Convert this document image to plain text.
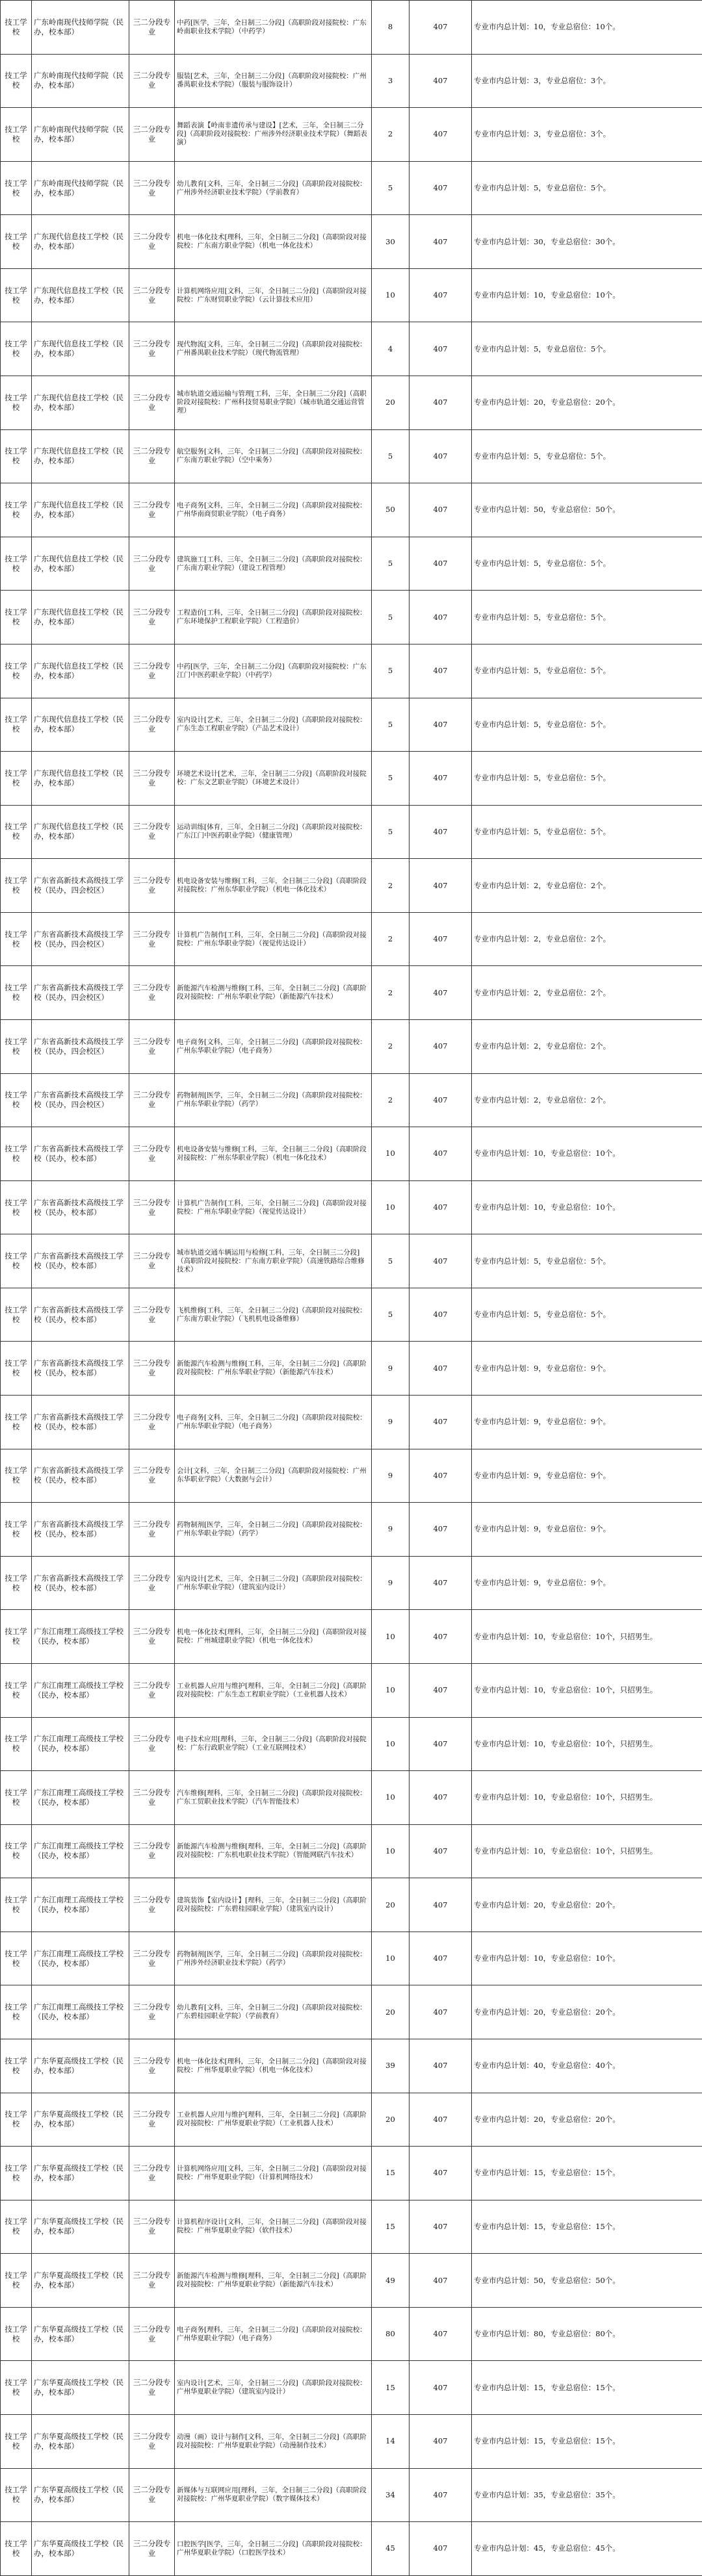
技工学校	广东岭南现代技师学院（民办，校本部）	三二分段专业	中药[医学，三年，全日制三二分段]（高职阶段对接院校：广东岭南职业技术学院）（中药学）	8	407	专业市内总计划：10，专业总宿位：10个。
技工学校	广东岭南现代技师学院（民办，校本部）	三二分段专业	服装[艺术，三年，全日制三二分段]（高职阶段对接院校：广州番禺职业技术学院）（服装与服饰设计）	3	407	专业市内总计划：3，专业总宿位：3个。
技工学校	广东岭南现代技师学院（民办，校本部）	三二分段专业	舞蹈表演【岭南非遗传承与建设】[艺术，三年，全日制三二分段]（高职阶段对接院校：广州涉外经济职业技术学院）（舞蹈表演）	2	407	专业市内总计划：3，专业总宿位：3个。
技工学校	广东岭南现代技师学院（民办，校本部）	三二分段专业	幼儿教育[文科，三年，全日制三二分段]（高职阶段对接院校：广州涉外经济职业技术学院）（学前教育）	5	407	专业市内总计划：5，专业总宿位：5个。
技工学校	广东现代信息技工学校（民办，校本部）	三二分段专业	机电一体化技术[理科，三年，全日制三二分段]（高职阶段对接院校：广东南方职业学院）（机电一体化技术）	30	407	专业市内总计划：30，专业总宿位：30个。
技工学校	广东现代信息技工学校（民办，校本部）	三二分段专业	计算机网络应用[文科，三年，全日制三二分段]（高职阶段对接院校：广东财贸职业学院）（云计算技术应用）	10	407	专业市内总计划：10，专业总宿位：10个。
技工学校	广东现代信息技工学校（民办，校本部）	三二分段专业	现代物流[文科，三年，全日制三二分段]（高职阶段对接院校：广州番禺职业技术学院）（现代物流管理）	4	407	专业市内总计划：5，专业总宿位：5个。
技工学校	广东现代信息技工学校（民办，校本部）	三二分段专业	城市轨道交通运输与管理[工科，三年，全日制三二分段]（高职阶段对接院校：广州科技贸易职业学院）（城市轨道交通运营管理）	20	407	专业市内总计划：20，专业总宿位：20个。
技工学校	广东现代信息技工学校（民办，校本部）	三二分段专业	航空服务[文科，三年，全日制三二分段]（高职阶段对接院校：广东南方职业学院）（空中乘务）	5	407	专业市内总计划：5，专业总宿位：5个。
技工学校	广东现代信息技工学校（民办，校本部）	三二分段专业	电子商务[文科，三年，全日制三二分段]（高职阶段对接院校：广州华南商贸职业学院）（电子商务）	50	407	专业市内总计划：50，专业总宿位：50个。
技工学校	广东现代信息技工学校（民办，校本部）	三二分段专业	建筑施工[工科，三年，全日制三二分段]（高职阶段对接院校：广东南方职业学院）（建设工程管理）	5	407	专业市内总计划：5，专业总宿位：5个。
技工学校	广东现代信息技工学校（民办，校本部）	三二分段专业	工程造价[工科，三年，全日制三二分段]（高职阶段对接院校：广东环境保护工程职业学院）（工程造价）	5	407	专业市内总计划：5，专业总宿位：5个。
技工学校	广东现代信息技工学校（民办，校本部）	三二分段专业	中药[医学，三年，全日制三二分段]（高职阶段对接院校：广东江门中医药职业学院）（中药学）	5	407	专业市内总计划：5，专业总宿位：5个。
技工学校	广东现代信息技工学校（民办，校本部）	三二分段专业	室内设计[艺术，三年，全日制三二分段]（高职阶段对接院校：广东生态工程职业学院）（产品艺术设计）	5	407	专业市内总计划：5，专业总宿位：5个。
技工学校	广东现代信息技工学校（民办，校本部）	三二分段专业	环境艺术设计[艺术，三年，全日制三二分段]（高职阶段对接院校：广东文艺职业学院）（环境艺术设计）	5	407	专业市内总计划：5，专业总宿位：5个。
技工学校	广东现代信息技工学校（民办，校本部）	三二分段专业	运动训练[体育，三年，全日制三二分段]（高职阶段对接院校：广东江门中医药职业学院）（健康管理）	5	407	专业市内总计划：5，专业总宿位：5个。
技工学校	广东省高新技术高级技工学校（民办，四会校区）	三二分段专业	机电设备安装与维修[工科，三年，全日制三二分段]（高职阶段对接院校：广州东华职业学院）（机电一体化技术）	2	407	专业市内总计划：2，专业总宿位：2个。
技工学校	广东省高新技术高级技工学校（民办，四会校区）	三二分段专业	计算机广告制作[工科，三年，全日制三二分段]（高职阶段对接院校：广州东华职业学院）（视觉传达设计）	2	407	专业市内总计划：2，专业总宿位：2个。
技工学校	广东省高新技术高级技工学校（民办，四会校区）	三二分段专业	新能源汽车检测与维修[工科，三年，全日制三二分段]（高职阶段对接院校：广州东华职业学院）（新能源汽车技术）	2	407	专业市内总计划：2，专业总宿位：2个。
技工学校	广东省高新技术高级技工学校（民办，四会校区）	三二分段专业	电子商务[文科，三年，全日制三二分段]（高职阶段对接院校：广州东华职业学院）（电子商务）	2	407	专业市内总计划：2，专业总宿位：2个。
技工学校	广东省高新技术高级技工学校（民办，四会校区）	三二分段专业	药物制剂[医学，三年，全日制三二分段]（高职阶段对接院校：广州东华职业学院）（药学）	2	407	专业市内总计划：2，专业总宿位：2个。
技工学校	广东省高新技术高级技工学校（民办，校本部）	三二分段专业	机电设备安装与维修[工科，三年，全日制三二分段]（高职阶段对接院校：广州东华职业学院）（机电一体化技术）	10	407	专业市内总计划：10，专业总宿位：10个。
技工学校	广东省高新技术高级技工学校（民办，校本部）	三二分段专业	计算机广告制作[工科，三年，全日制三二分段]（高职阶段对接院校：广州东华职业学院）（视觉传达设计）	10	407	专业市内总计划：10，专业总宿位：10个。
技工学校	广东省高新技术高级技工学校（民办，校本部）	三二分段专业	城市轨道交通车辆运用与检修[工科，三年，全日制三二分段]（高职阶段对接院校：广东南方职业学院）（高速铁路综合维修技术）	5	407	专业市内总计划：5，专业总宿位：5个。
技工学校	广东省高新技术高级技工学校（民办，校本部）	三二分段专业	飞机维修[工科，三年，全日制三二分段]（高职阶段对接院校：广东南方职业学院）（飞机机电设备维修）	5	407	专业市内总计划：5，专业总宿位：5个。
技工学校	广东省高新技术高级技工学校（民办，校本部）	三二分段专业	新能源汽车检测与维修[工科，三年，全日制三二分段]（高职阶段对接院校：广州东华职业学院）（新能源汽车技术）	9	407	专业市内总计划：9，专业总宿位：9个。
技工学校	广东省高新技术高级技工学校（民办，校本部）	三二分段专业	电子商务[文科，三年，全日制三二分段]（高职阶段对接院校：广州东华职业学院）（电子商务）	9	407	专业市内总计划：9，专业总宿位：9个。
技工学校	广东省高新技术高级技工学校（民办，校本部）	三二分段专业	会计[文科，三年，全日制三二分段]（高职阶段对接院校：广州东华职业学院）（大数据与会计）	9	407	专业市内总计划：9，专业总宿位：9个。
技工学校	广东省高新技术高级技工学校（民办，校本部）	三二分段专业	药物制剂[医学，三年，全日制三二分段]（高职阶段对接院校：广州东华职业学院）（药学）	9	407	专业市内总计划：9，专业总宿位：9个。
技工学校	广东省高新技术高级技工学校（民办，校本部）	三二分段专业	室内设计[艺术，三年，全日制三二分段]（高职阶段对接院校：广州东华职业学院）（建筑室内设计）	9	407	专业市内总计划：9，专业总宿位：9个。
技工学校	广东江南理工高级技工学校（民办，校本部）	三二分段专业	机电一体化技术[理科，三年，全日制三二分段]（高职阶段对接院校：广州城建职业学院）（机电一体化技术）	10	407	专业市内总计划：10，专业总宿位：10个，只招男生。
技工学校	广东江南理工高级技工学校（民办，校本部）	三二分段专业	工业机器人应用与维护[理科，三年，全日制三二分段]（高职阶段对接院校：广东生态工程职业学院）（工业机器人技术）	10	407	专业市内总计划：10，专业总宿位：10个，只招男生。
技工学校	广东江南理工高级技工学校（民办，校本部）	三二分段专业	电子技术应用[理科，三年，全日制三二分段]（高职阶段对接院校：广东行政职业学院）（工业互联网技术）	10	407	专业市内总计划：10，专业总宿位：10个，只招男生。
技工学校	广东江南理工高级技工学校（民办，校本部）	三二分段专业	汽车维修[理科，三年，全日制三二分段]（高职阶段对接院校：广东工贸职业技术学院）（汽车智能技术）	10	407	专业市内总计划：10，专业总宿位：10个，只招男生。
技工学校	广东江南理工高级技工学校（民办，校本部）	三二分段专业	新能源汽车检测与维修[理科，三年，全日制三二分段]（高职阶段对接院校：广东机电职业技术学院）（智能网联汽车技术）	10	407	专业市内总计划：10，专业总宿位：10个，只招男生。
技工学校	广东江南理工高级技工学校（民办，校本部）	三二分段专业	建筑装饰【室内设计】[理科，三年，全日制三二分段]（高职阶段对接院校：广东碧桂园职业学院）（建筑室内设计）	20	407	专业市内总计划：20，专业总宿位：20个。
技工学校	广东江南理工高级技工学校（民办，校本部）	三二分段专业	药物制剂[医学，三年，全日制三二分段]（高职阶段对接院校：广州涉外经济职业技术学院）（药学）	10	407	专业市内总计划：10，专业总宿位：10个。
技工学校	广东江南理工高级技工学校（民办，校本部）	三二分段专业	幼儿教育[文科，三年，全日制三二分段]（高职阶段对接院校：广东碧桂园职业学院）（学前教育）	20	407	专业市内总计划：20，专业总宿位：20个。
技工学校	广东华夏高级技工学校（民办，校本部）	三二分段专业	机电一体化技术[理科，三年，全日制三二分段]（高职阶段对接院校：广州华夏职业学院）（机电一体化技术）	39	407	专业市内总计划：40，专业总宿位：40个。
技工学校	广东华夏高级技工学校（民办，校本部）	三二分段专业	工业机器人应用与维护[理科，三年，全日制三二分段]（高职阶段对接院校：广州华夏职业学院）（工业机器人技术）	20	407	专业市内总计划：20，专业总宿位：20个。
技工学校	广东华夏高级技工学校（民办，校本部）	三二分段专业	计算机网络应用[文科，三年，全日制三二分段]（高职阶段对接院校：广州华夏职业学院）（计算机网络技术）	15	407	专业市内总计划：15，专业总宿位：15个。
技工学校	广东华夏高级技工学校（民办，校本部）	三二分段专业	计算机程序设计[文科，三年，全日制三二分段]（高职阶段对接院校：广州华夏职业学院）（软件技术）	15	407	专业市内总计划：15，专业总宿位：15个。
技工学校	广东华夏高级技工学校（民办，校本部）	三二分段专业	新能源汽车检测与维修[理科，三年，全日制三二分段]（高职阶段对接院校：广州华夏职业学院）（新能源汽车技术）	49	407	专业市内总计划：50，专业总宿位：50个。
技工学校	广东华夏高级技工学校（民办，校本部）	三二分段专业	电子商务[理科，三年，全日制三二分段]（高职阶段对接院校：广州华夏职业学院）（电子商务）	80	407	专业市内总计划：80，专业总宿位：80个。
技工学校	广东华夏高级技工学校（民办，校本部）	三二分段专业	室内设计[艺术，三年，全日制三二分段]（高职阶段对接院校：广州华夏职业学院）（建筑室内设计）	15	407	专业市内总计划：15，专业总宿位：15个。
技工学校	广东华夏高级技工学校（民办，校本部）	三二分段专业	动漫（画）设计与制作[文科，三年，全日制三二分段]（高职阶段对接院校：广州华夏职业学院）（动漫制作技术）	14	407	专业市内总计划：15，专业总宿位：15个。
技工学校	广东华夏高级技工学校（民办，校本部）	三二分段专业	新媒体与互联网应用[理科，三年，全日制三二分段]（高职阶段对接院校：广州华夏职业学院）（数字媒体技术）	34	407	专业市内总计划：35，专业总宿位：35个。
技工学校	广东华夏高级技工学校（民办，校本部）	三二分段专业	口腔医学[医学，三年，全日制三二分段]（高职阶段对接院校：广州华夏职业学院）（口腔医学技术）	45	407	专业市内总计划：45，专业总宿位：45个。
